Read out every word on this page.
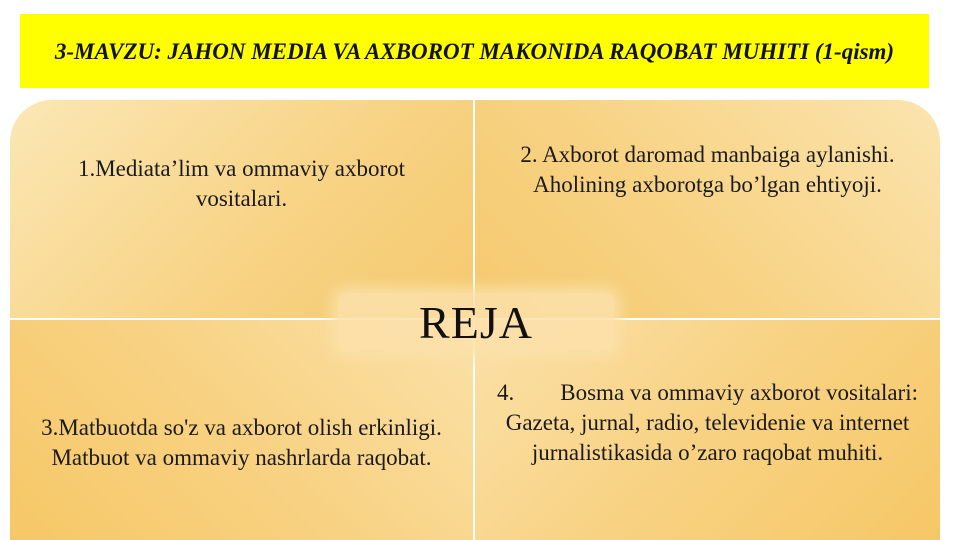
3-MAVZU: JAHON MEDIA VA AXBOROT MAKONIDA RAQOBAT MUHITI (1-qism)
1.Mediata’lim va ommaviy axborot vositalari.
2. Axborot daromad manbaiga aylanishi. Aholining axborotga bo’lgan ehtiyoji.
3.Matbuotda so'z va axborot olish erkinligi. Matbuot va ommaviy nashrlarda raqobat.
4.        Bosma va ommaviy axborot vositalari: Gazeta, jurnal, radio, televidenie va internet jurnalistikasida o’zaro raqobat muhiti.
REJA
